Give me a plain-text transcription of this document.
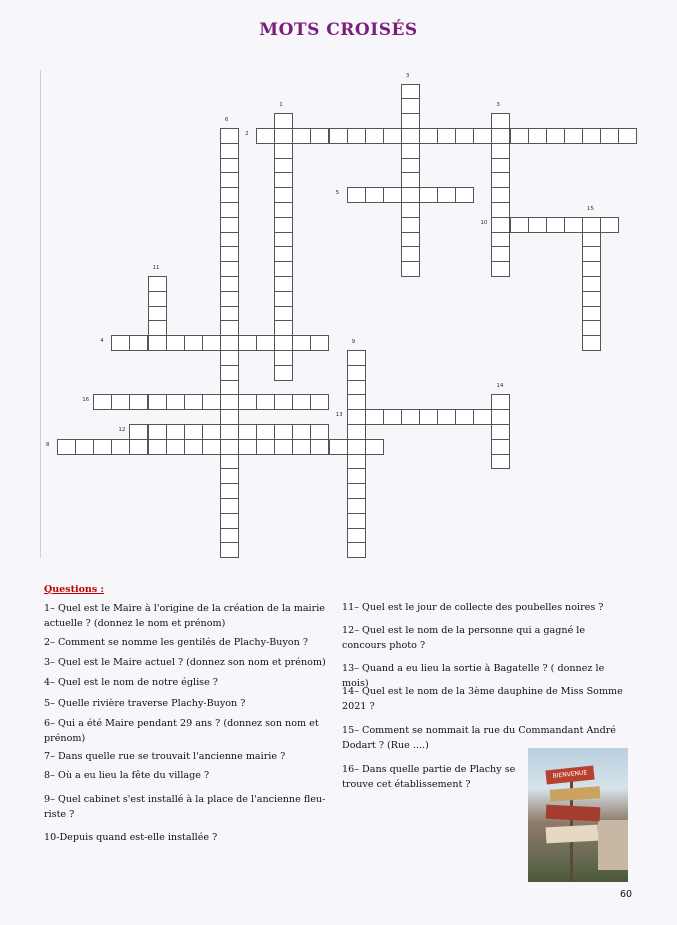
MOTS CROISÉS
2
5
10
4
16
13
12
8
6
1
3
3
15
11
9
14
Questions :
1– Quel est le Maire à l'origine de la création de la mairie actuelle ? (donnez le nom et prénom)
2– Comment se nomme les gentilés de Plachy-Buyon ?
3– Quel est le Maire actuel ? (donnez son nom et prénom)
4– Quel est le nom de notre église ?
5– Quelle rivière traverse Plachy-Buyon ?
6– Qui a été Maire pendant 29 ans ? (donnez son nom et prénom)
7– Dans quelle rue se trouvait l'ancienne mairie ?
8– Où a eu lieu la fête du village ?
9– Quel cabinet s'est installé à la place de l'ancienne fleu-riste ?
10-Depuis quand est-elle installée ?
11– Quel est le jour de collecte des poubelles noires ?
12– Quel est le nom de la personne qui a gagné le concours photo ?
13– Quand a eu lieu la sortie à Bagatelle ? ( donnez le mois)
14– Quel est le nom de la 3ème dauphine de Miss Somme 2021 ?
15– Comment se nommait la rue du Commandant André Dodart ? (Rue ....)
16– Dans quelle partie de Plachy se trouve cet établissement ?
BIENVENUE
60
